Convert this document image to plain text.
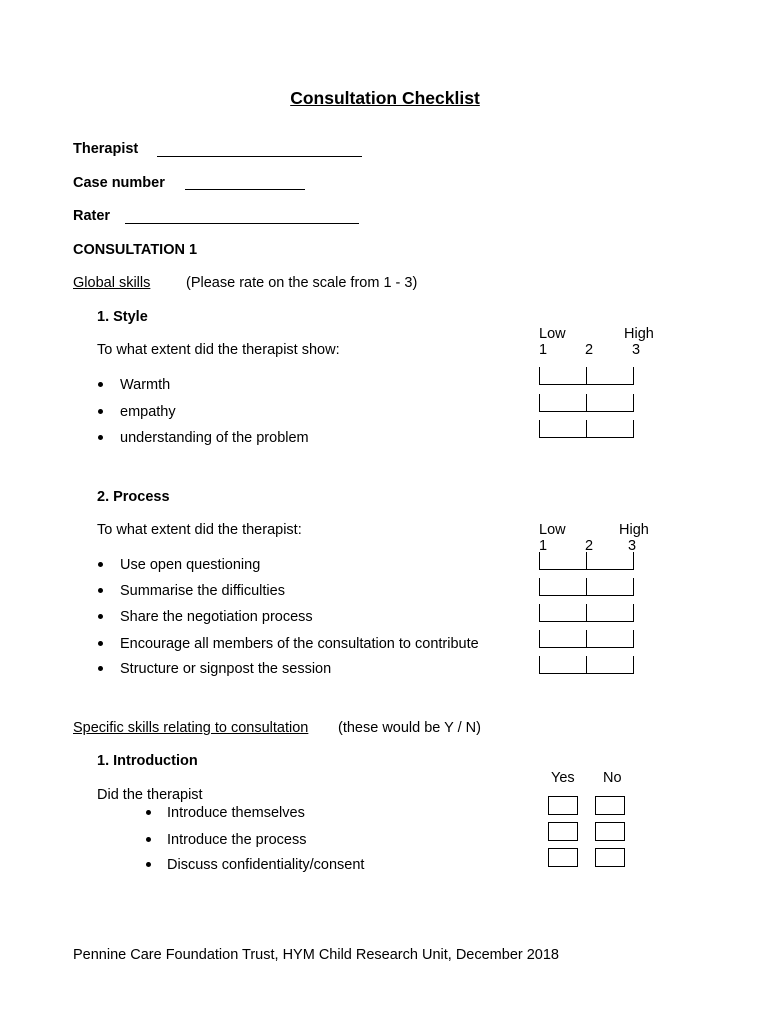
Consultation Checklist
Therapist
Case number
Rater
CONSULTATION 1
Global skills (Please rate on the scale from 1 - 3)
1. Style
To what extent did the therapist show:
Low	High
1	2	3
Warmth
empathy
understanding of the problem
2. Process
To what extent did the therapist:	Low	High
1	2 3
Use open questioning
Summarise the difficulties
Share the negotiation process
Encourage all members of the consultation to contribute
Structure or signpost the session
Specific skills relating to consultation (these would be Y / N)
1. Introduction
Yes No
Did the therapist
Introduce themselves
Introduce the process
Discuss confidentiality/consent
Pennine Care Foundation Trust, HYM Child Research Unit, December 2018
